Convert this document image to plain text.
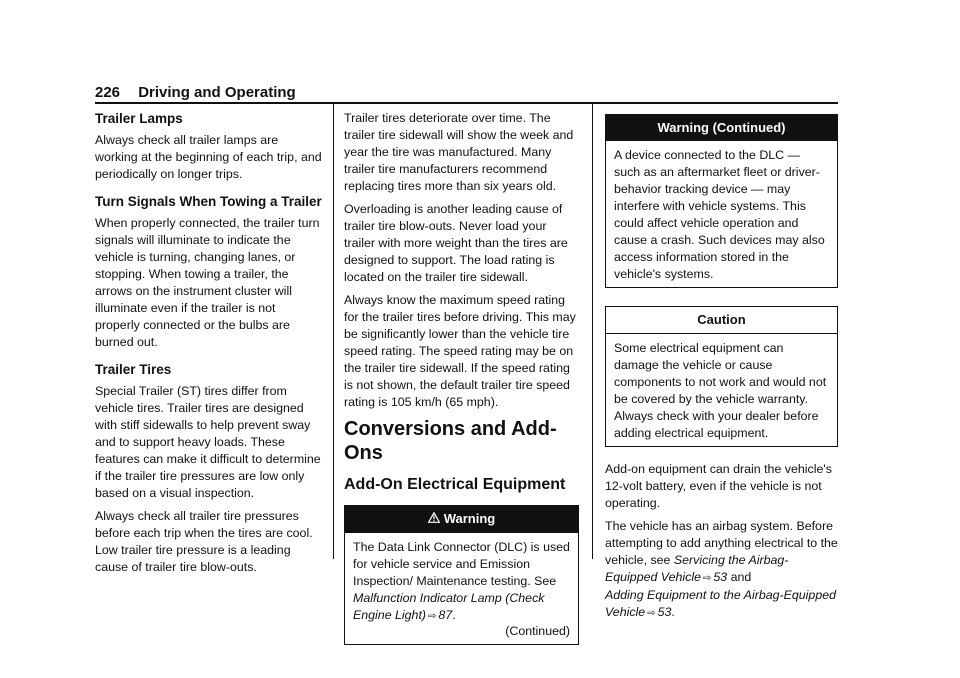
226 Driving and Operating
Trailer Lamps

Always check all trailer lamps are working at the beginning of each trip, and periodically on longer trips.

Turn Signals When Towing a Trailer

When properly connected, the trailer turn signals will illuminate to indicate the vehicle is turning, changing lanes, or stopping. When towing a trailer, the arrows on the instrument cluster will illuminate even if the trailer is not properly connected or the bulbs are burned out.

Trailer Tires

Special Trailer (ST) tires differ from vehicle tires. Trailer tires are designed with stiff sidewalls to help prevent sway and to support heavy loads. These features can make it difficult to determine if the trailer tire pressures are low only based on a visual inspection.

Always check all trailer tire pressures before each trip when the tires are cool. Low trailer tire pressure is a leading cause of trailer tire blow-outs.

Trailer tires deteriorate over time. The trailer tire sidewall will show the week and year the tire was manufactured. Many trailer tire manufacturers recommend replacing tires more than six years old.

Overloading is another leading cause of trailer tire blow-outs. Never load your trailer with more weight than the tires are designed to support. The load rating is located on the trailer tire sidewall.

Always know the maximum speed rating for the trailer tires before driving. This may be significantly lower than the vehicle tire speed rating. The speed rating may be on the trailer tire sidewall. If the speed rating is not shown, the default trailer tire speed rating is 105 km/h (65 mph).

Conversions and Add-Ons
Add-On Electrical Equipment
Warning
The Data Link Connector (DLC) is used for vehicle service and Emission Inspection/ Maintenance testing. See Malfunction Indicator Lamp (Check Engine Light) ⇨ 87.
(Continued)
Warning (Continued)
A device connected to the DLC — such as an aftermarket fleet or driver-behavior tracking device — may interfere with vehicle systems. This could affect vehicle operation and cause a crash. Such devices may also access information stored in the vehicle's systems.
Caution
Some electrical equipment can damage the vehicle or cause components to not work and would not be covered by the vehicle warranty. Always check with your dealer before adding electrical equipment.

Add-on equipment can drain the vehicle's 12-volt battery, even if the vehicle is not operating.

The vehicle has an airbag system. Before attempting to add anything electrical to the vehicle, see Servicing the Airbag-Equipped Vehicle ⇨ 53 and
Adding Equipment to the Airbag-Equipped Vehicle ⇨ 53.
